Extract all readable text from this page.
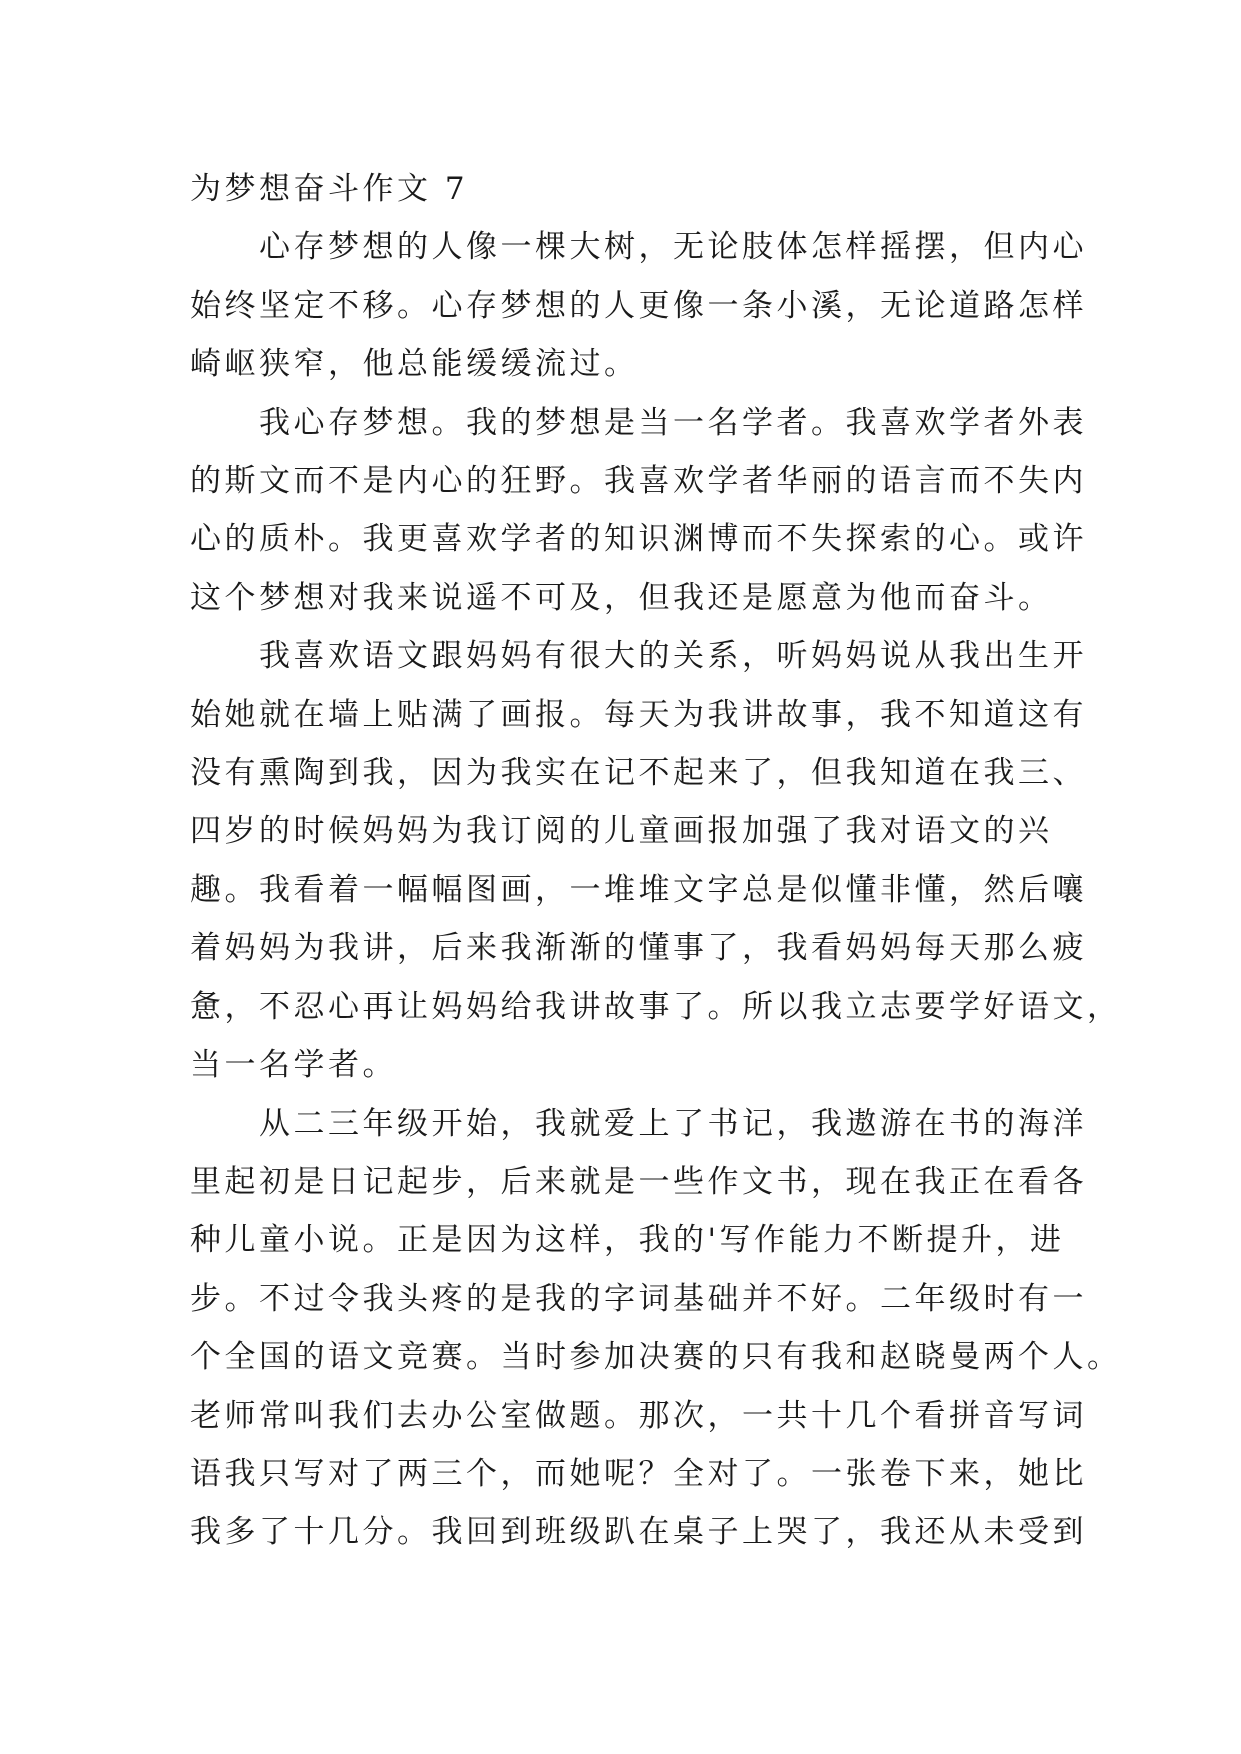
为梦想奋斗作文 7
心存梦想的人像一棵大树，无论肢体怎样摇摆，但内心
始终坚定不移。心存梦想的人更像一条小溪，无论道路怎样
崎岖狭窄，他总能缓缓流过。
我心存梦想。我的梦想是当一名学者。我喜欢学者外表
的斯文而不是内心的狂野。我喜欢学者华丽的语言而不失内
心的质朴。我更喜欢学者的知识渊博而不失探索的心。或许
这个梦想对我来说遥不可及，但我还是愿意为他而奋斗。
我喜欢语文跟妈妈有很大的关系，听妈妈说从我出生开
始她就在墙上贴满了画报。每天为我讲故事，我不知道这有
没有熏陶到我，因为我实在记不起来了，但我知道在我三、
四岁的时候妈妈为我订阅的儿童画报加强了我对语文的兴
趣。我看着一幅幅图画，一堆堆文字总是似懂非懂，然后嚷
着妈妈为我讲，后来我渐渐的懂事了，我看妈妈每天那么疲
惫，不忍心再让妈妈给我讲故事了。所以我立志要学好语文，
当一名学者。
从二三年级开始，我就爱上了书记，我遨游在书的海洋
里起初是日记起步，后来就是一些作文书，现在我正在看各
种儿童小说。正是因为这样，我的'写作能力不断提升，进
步。不过令我头疼的是我的字词基础并不好。二年级时有一
个全国的语文竞赛。当时参加决赛的只有我和赵晓曼两个人。
老师常叫我们去办公室做题。那次，一共十几个看拼音写词
语我只写对了两三个，而她呢？全对了。一张卷下来，她比
我多了十几分。我回到班级趴在桌子上哭了，我还从未受到
